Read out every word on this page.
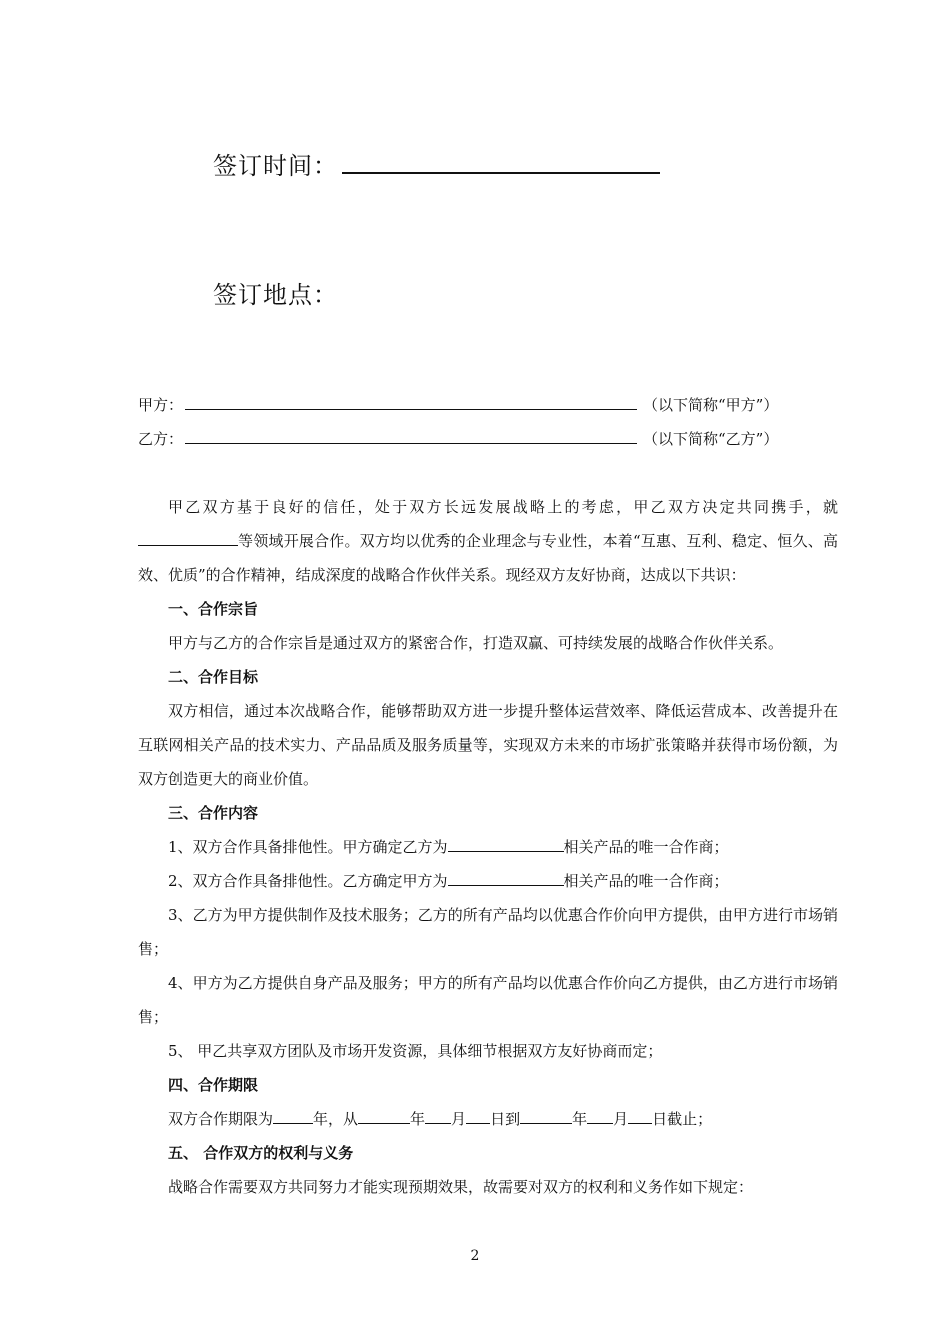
签订时间：
签订地点：
甲方：	（以下简称“甲方”）
乙方：	（以下简称“乙方”）

甲乙双方基于良好的信任，处于双方长远发展战略上的考虑，甲乙双方决定共同携手，就等领域开展合作。双方均以优秀的企业理念与专业性，本着“互惠、互利、稳定、恒久、高效、优质”的合作精神，结成深度的战略合作伙伴关系。现经双方友好协商，达成以下共识：

一、合作宗旨

甲方与乙方的合作宗旨是通过双方的紧密合作，打造双赢、可持续发展的战略合作伙伴关系。

二、合作目标

双方相信，通过本次战略合作，能够帮助双方进一步提升整体运营效率、降低运营成本、改善提升在互联网相关产品的技术实力、产品品质及服务质量等，实现双方未来的市场扩张策略并获得市场份额，为双方创造更大的商业价值。

三、合作内容

1、双方合作具备排他性。甲方确定乙方为	相关产品的唯一合作商；

2、双方合作具备排他性。乙方确定甲方为	相关产品的唯一合作商；

3、乙方为甲方提供制作及技术服务；乙方的所有产品均以优惠合作价向甲方提供，由甲方进行市场销售；

4、甲方为乙方提供自身产品及服务；甲方的所有产品均以优惠合作价向乙方提供，由乙方进行市场销售；

5、 甲乙共享双方团队及市场开发资源，具体细节根据双方友好协商而定；

四、合作期限

双方合作期限为	年，从	年 月 日到	年 月 日截止；

五、 合作双方的权利与义务

战略合作需要双方共同努力才能实现预期效果，故需要对双方的权利和义务作如下规定：

2
